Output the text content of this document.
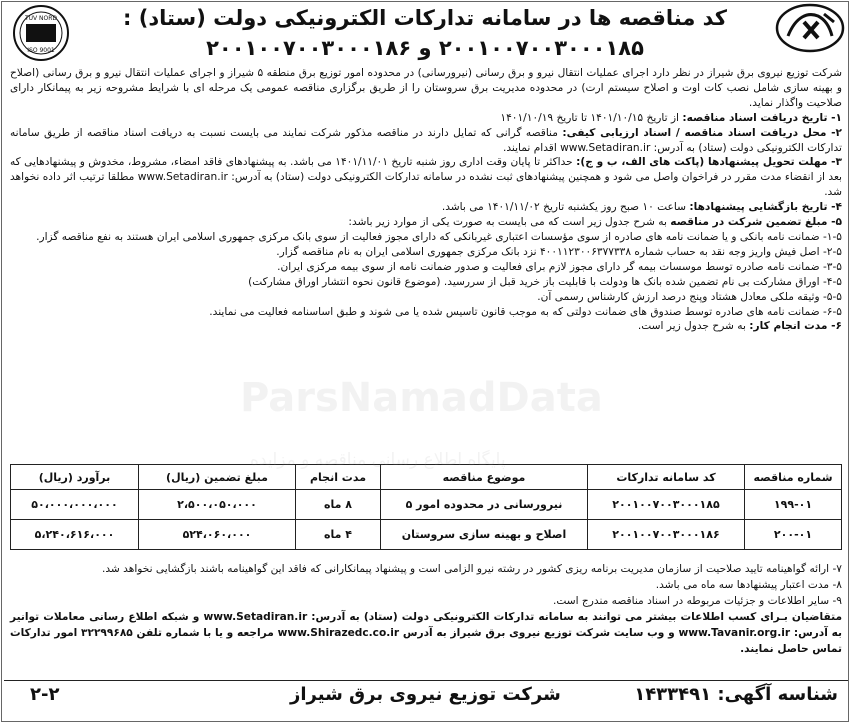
TUV NORD
ISO 9001
کد مناقصه ها در سامانه تدارکات الکترونیکی دولت (ستاد) :
۲۰۰۱۰۰۷۰۰۳۰۰۰۱۸۵ و ۲۰۰۱۰۰۷۰۰۳۰۰۰۱۸۶

شرکت توزیع نیروی برق شیراز در نظر دارد اجرای عملیات انتقال نیرو و برق رسانی (نیرورسانی) در محدوده امور توزیع برق منطقه ۵ شیراز و اجرای عملیات انتقال نیرو و برق رسانی (اصلاح و بهینه سازی شامل نصب کات اوت و اصلاح سیستم ارت) در محدوده مدیریت برق سروستان را از طریق برگزاری مناقصه عمومی یک مرحله ای با شرایط مشروحه زیر به پیمانکار دارای صلاحیت واگذار نماید.

۱- تاریخ دریافت اسناد مناقصه: از تاریخ ۱۴۰۱/۱۰/۱۵ تا تاریخ ۱۴۰۱/۱۰/۱۹

۲- محل دریافت اسناد مناقصه / اسناد ارزیابی کیفی: مناقصه گرانی که تمایل دارند در مناقصه مذکور شرکت نمایند می بایست نسبت به دریافت اسناد مناقصه از طریق سامانه تدارکات الکترونیکی دولت (ستاد) به آدرس: www.Setadiran.ir اقدام نمایند.

۳- مهلت تحویل پیشنهادها (پاکت های الف، ب و ج): حداکثر تا پایان وقت اداری روز شنبه تاریخ ۱۴۰۱/۱۱/۰۱ می باشد. به پیشنهادهای فاقد امضاء، مشروط، مخدوش و پیشنهادهایی که بعد از انقضاء مدت مقرر در فراخوان واصل می شود و همچنین پیشنهادهای ثبت نشده در سامانه تدارکات الکترونیکی دولت (ستاد) به آدرس: www.Setadiran.ir مطلقا ترتیب اثر داده نخواهد شد.

۴- تاریخ بازگشایی پیشنهادها: ساعت ۱۰ صبح روز یکشنبه تاریخ ۱۴۰۱/۱۱/۰۲ می باشد.

۵- مبلغ تضمین شرکت در مناقصه به شرح جدول زیر است که می بایست به صورت یکی از موارد زیر باشد:

۱-۵- ضمانت نامه بانکی و یا ضمانت نامه های صادره از سوی مؤسسات اعتباری غیربانکی که دارای مجوز فعالیت از سوی بانک مرکزی جمهوری اسلامی ایران هستند به نفع مناقصه گزار.

۲-۵- اصل فیش واریز وجه نقد به حساب شماره ۴۰۰۱۱۲۳۰۰۶۳۷۷۳۳۸ نزد بانک مرکزی جمهوری اسلامی ایران به نام مناقصه گزار.

۳-۵- ضمانت نامه صادره توسط موسسات بیمه گر دارای مجوز لازم برای فعالیت و صدور ضمانت نامه از سوی بیمه مرکزی ایران.

۴-۵- اوراق مشارکت بی نام تضمین شده بانک ها ودولت با قابلیت باز خرید قبل از سررسید. (موضوع قانون نحوه انتشار اوراق مشارکت)

۵-۵- وثیقه ملکی معادل هشتاد وپنج درصد ارزش کارشناس رسمی آن.

۶-۵- ضمانت نامه های صادره توسط صندوق های ضمانت دولتی که به موجب قانون تاسیس شده یا می شوند و طبق اساسنامه فعالیت می نمایند.

۶- مدت انجام کار: به شرح جدول زیر است.

شماره مناقصه	کد سامانه تدارکات	موضوع مناقصه	مدت انجام	مبلغ تضمین (ریال)	برآورد (ریال)
۱۹۹-۰۱	۲۰۰۱۰۰۷۰۰۳۰۰۰۱۸۵	نیرورسانی در محدوده امور ۵	۸ ماه	۲،۵۰۰،۰۵۰،۰۰۰	۵۰،۰۰۰،۰۰۰،۰۰۰
۲۰۰-۰۱	۲۰۰۱۰۰۷۰۰۳۰۰۰۱۸۶	اصلاح و بهینه سازی سروستان	۴ ماه	۵۲۴،۰۶۰،۰۰۰	۵،۲۴۰،۶۱۶،۰۰۰

۷- ارائه گواهینامه تایید صلاحیت از سازمان مدیریت برنامه ریزی کشور در رشته نیرو الزامی است و پیشنهاد پیمانکارانی که فاقد این گواهینامه باشند بازگشایی نخواهد شد.

۸- مدت اعتبار پیشنهادها سه ماه می باشد.

۹- سایر اطلاعات و جزئیات مربوطه در اسناد مناقصه مندرج است.

متقاضیان بـرای کسب اطلاعات بیشتر می توانند به سامانه تدارکات الکترونیکی دولت (ستاد) به آدرس: www.Setadiran.ir و شبکه اطلاع رسانی معاملات توانیر به آدرس: www.Tavanir.org.ir و وب سایت شرکت توزیع نیروی برق شیراز به آدرس www.Shirazedc.co.ir مراجعه و یا با شماره تلفن ۳۲۲۹۹۶۸۵ امور تدارکات تماس حاصل نمایند.

شناسه آگهی: ۱۴۳۳۴۹۱
شرکت توزیع نیروی برق شیراز
۲-۲
ParsNamadData
پایگاه اطلاع رسانی مناقصه و مزایده
